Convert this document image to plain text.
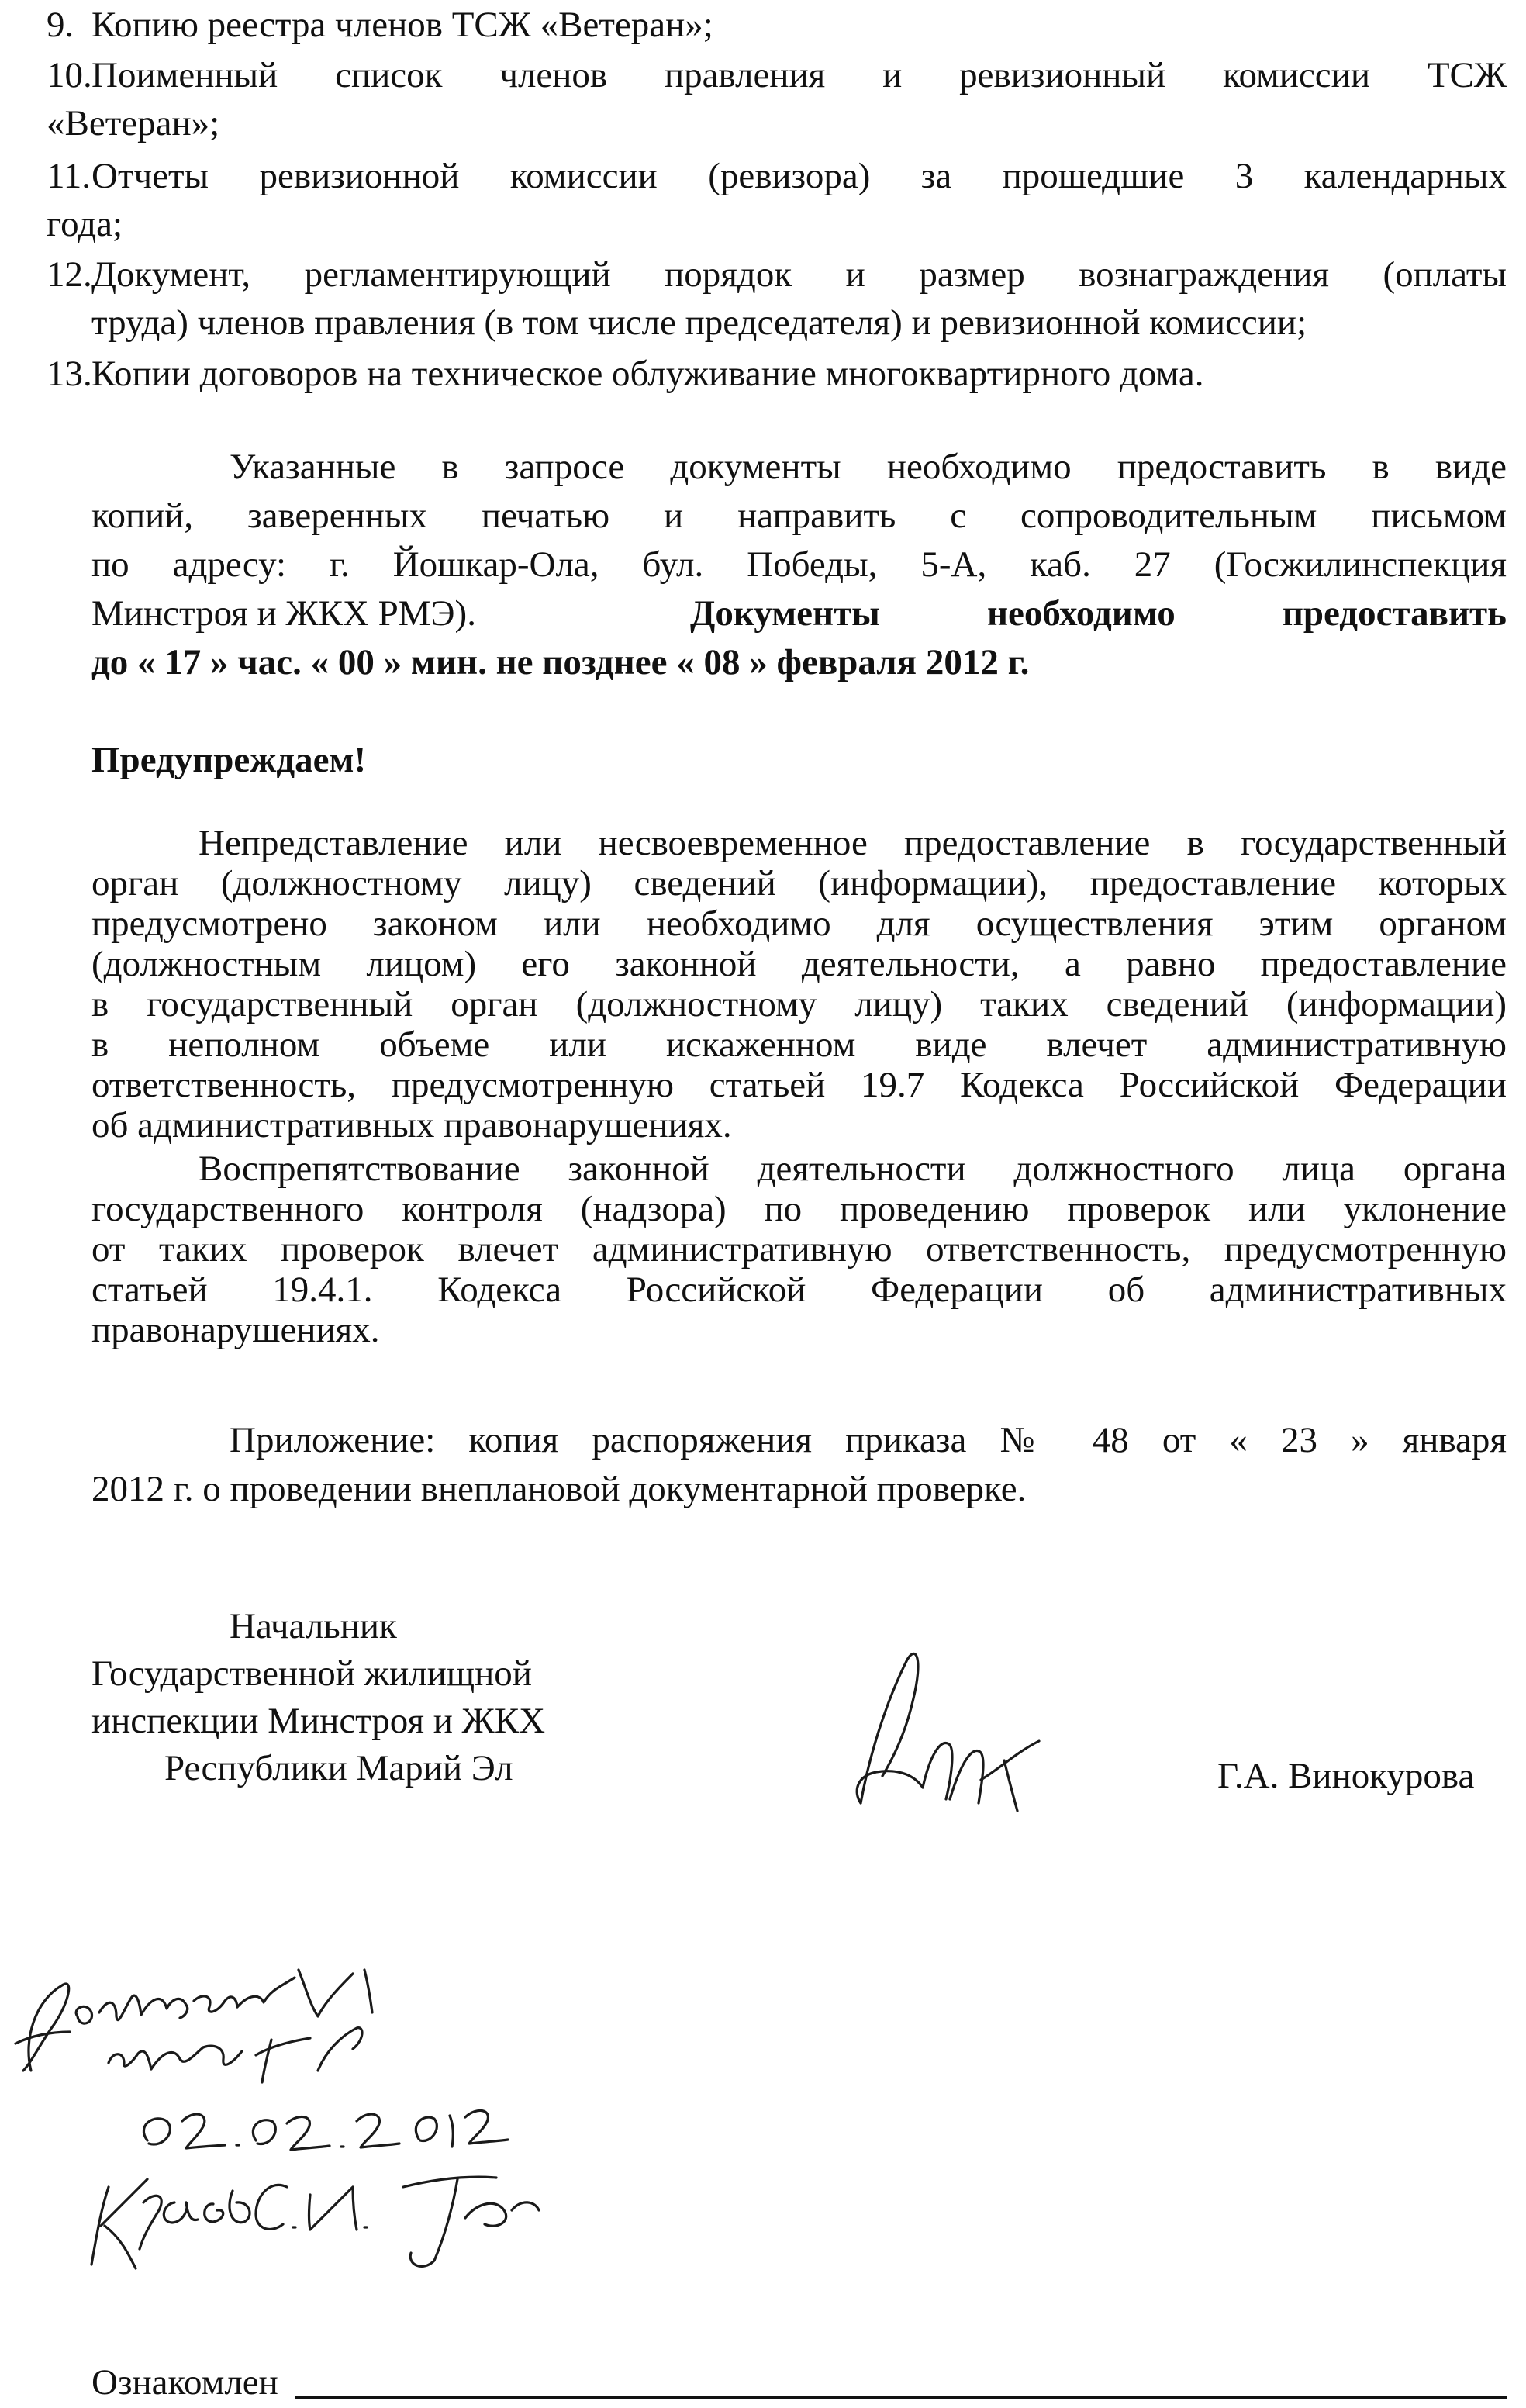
9. Копию реестра членов ТСЖ «Ветеран»;
10. Поименный список членов правления и ревизионный комиссии ТСЖ
«Ветеран»;
11. Отчеты ревизионной комиссии (ревизора) за прошедшие 3 календарных
года;
12. Документ, регламентирующий порядок и размер вознаграждения (оплаты
труда) членов правления (в том числе председателя) и ревизионной комиссии;
13. Копии договоров на техническое облуживание многоквартирного дома.
Указанные в запросе документы необходимо предоставить в виде
копий, заверенных печатью и направить с сопроводительным письмом
по адресу: г. Йошкар-Ола, бул. Победы, 5-А, каб. 27 (Госжилинспекция
Минстроя и ЖКХ РМЭ).	Документы необходимо предоставить
до « 17 » час. « 00 » мин. не позднее « 08 » февраля 2012 г.
Предупреждаем!
Непредставление или несвоевременное предоставление в государственный
орган (должностному лицу) сведений (информации), предоставление которых
предусмотрено законом или необходимо для осуществления этим органом
(должностным лицом) его законной деятельности, а равно предоставление
в государственный орган (должностному лицу) таких сведений (информации)
в неполном объеме или искаженном виде влечет административную
ответственность, предусмотренную статьей 19.7 Кодекса Российской Федерации
об административных правонарушениях.
Воспрепятствование законной деятельности должностного лица органа
государственного контроля (надзора) по проведению проверок или уклонение
от таких проверок влечет административную ответственность, предусмотренную
статьей 19.4.1. Кодекса Российской Федерации об административных
правонарушениях.
Приложение: копия распоряжения приказа № 48 от « 23 » января
2012 г. о проведении внеплановой документарной проверке.
Начальник
Государственной жилищной
инспекции Минстроя и ЖКХ
Республики Марий Эл	Г.А. Винокурова
Ознакомлен
